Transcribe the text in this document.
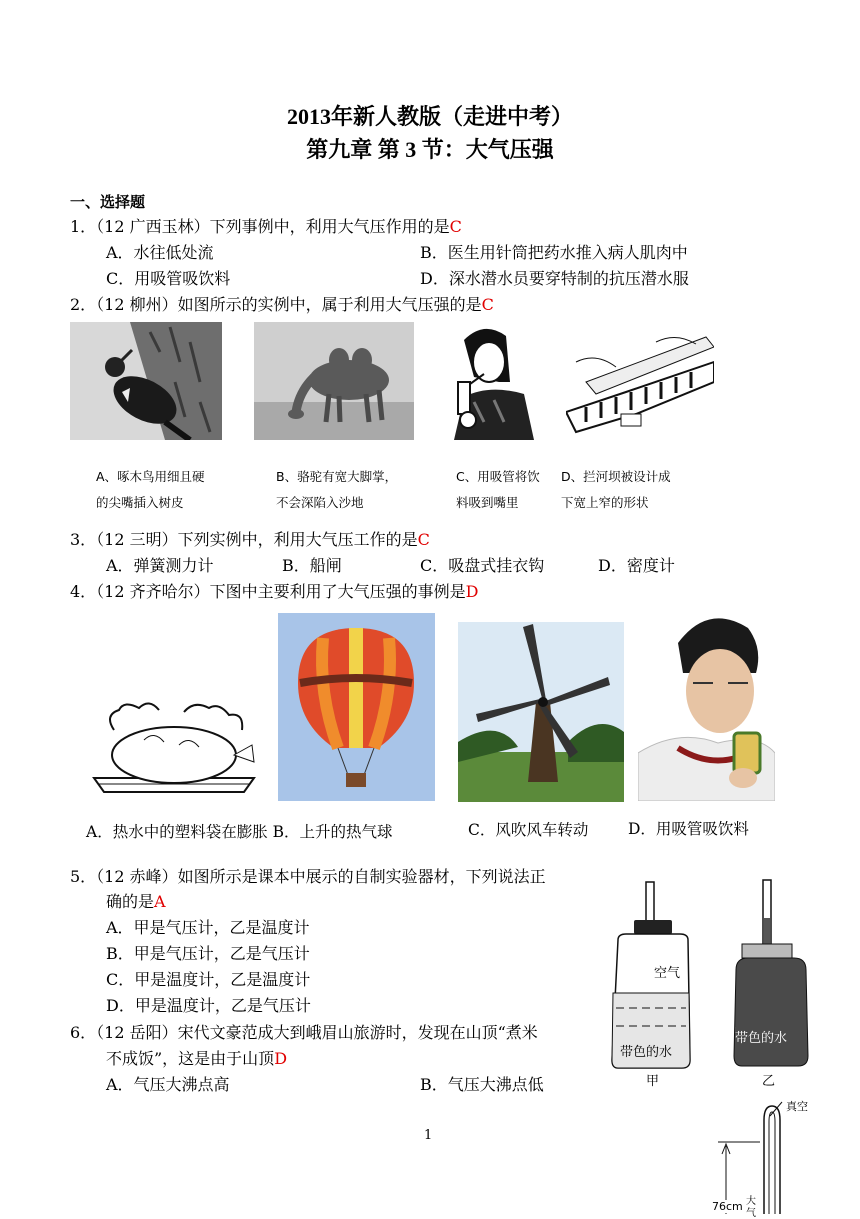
2013年新人教版（走进中考）
第九章 第 3 节：大气压强
一、选择题
1．（12 广西玉林）下列事例中，利用大气压作用的是C
A．水往低处流	B．医生用针筒把药水推入病人肌肉中
C．用吸管吸饮料	D．深水潜水员要穿特制的抗压潜水服
2．（12 柳州）如图所示的实例中，属于利用大气压强的是C
A、啄木鸟用细且硬
的尖嘴插入树皮
B、骆驼有宽大脚掌，
不会深陷入沙地
C、用吸管将饮
料吸到嘴里
D、拦河坝被设计成
下宽上窄的形状
3．（12 三明）下列实例中，利用大气压工作的是C
A．弹簧测力计	B．船闸	C．吸盘式挂衣钩	D．密度计
4．（12 齐齐哈尔）下图中主要利用了大气压强的事例是D
A．热水中的塑料袋在膨胀 B．上升的热气球	C．风吹风车转动	D．用吸管吸饮料
5．（12 赤峰）如图所示是课本中展示的自制实验器材，下列说法正
确的是A
A．甲是气压计，乙是温度计
B．甲是气压计，乙是气压计
C．甲是温度计，乙是温度计
D．甲是温度计，乙是气压计
空气
带色的水
甲
带色的水
乙
6．（12 岳阳）宋代文豪范成大到峨眉山旅游时，发现在山顶“煮米
不成饭”，这是由于山顶D
A．气压大沸点高	B．气压大沸点低
真空
76cm 大
气
1
